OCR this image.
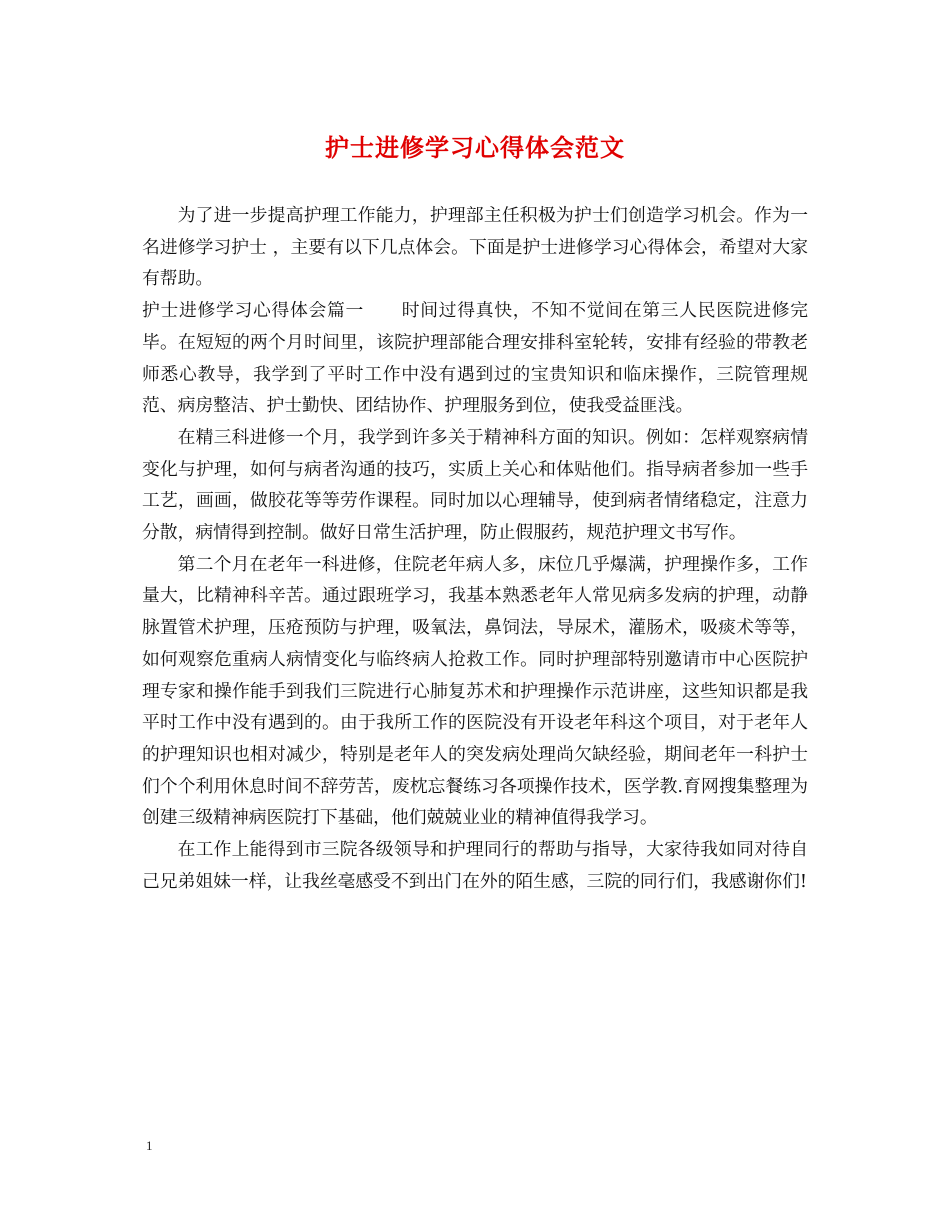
护士进修学习心得体会范文

为了进一步提高护理工作能力，护理部主任积极为护士们创造学习机会。作为一名进修学习护士 ，主要有以下几点体会。下面是护士进修学习心得体会，希望对大家有帮助。

护士进修学习心得体会篇一 时间过得真快，不知不觉间在第三人民医院进修完毕。在短短的两个月时间里，该院护理部能合理安排科室轮转，安排有经验的带教老师悉心教导，我学到了平时工作中没有遇到过的宝贵知识和临床操作，三院管理规范、病房整洁、护士勤快、团结协作、护理服务到位，使我受益匪浅。

在精三科进修一个月，我学到许多关于精神科方面的知识。例如：怎样观察病情变化与护理，如何与病者沟通的技巧，实质上关心和体贴他们。指导病者参加一些手工艺，画画，做胶花等等劳作课程。同时加以心理辅导，使到病者情绪稳定，注意力分散，病情得到控制。做好日常生活护理，防止假服药，规范护理文书写作。

第二个月在老年一科进修，住院老年病人多，床位几乎爆满，护理操作多，工作量大，比精神科辛苦。通过跟班学习，我基本熟悉老年人常见病多发病的护理，动静脉置管术护理，压疮预防与护理，吸氧法，鼻饲法，导尿术，灌肠术，吸痰术等等，如何观察危重病人病情变化与临终病人抢救工作。同时护理部特别邀请市中心医院护理专家和操作能手到我们三院进行心肺复苏术和护理操作示范讲座，这些知识都是我平时工作中没有遇到的。由于我所工作的医院没有开设老年科这个项目，对于老年人的护理知识也相对减少，特别是老年人的突发病处理尚欠缺经验，期间老年一科护士们个个利用休息时间不辞劳苦，废枕忘餐练习各项操作技术，医学教.育网搜集整理为创建三级精神病医院打下基础，他们兢兢业业的精神值得我学习。

在工作上能得到市三院各级领导和护理同行的帮助与指导，大家待我如同对待自己兄弟姐妹一样，让我丝毫感受不到出门在外的陌生感，三院的同行们，我感谢你们!

1
